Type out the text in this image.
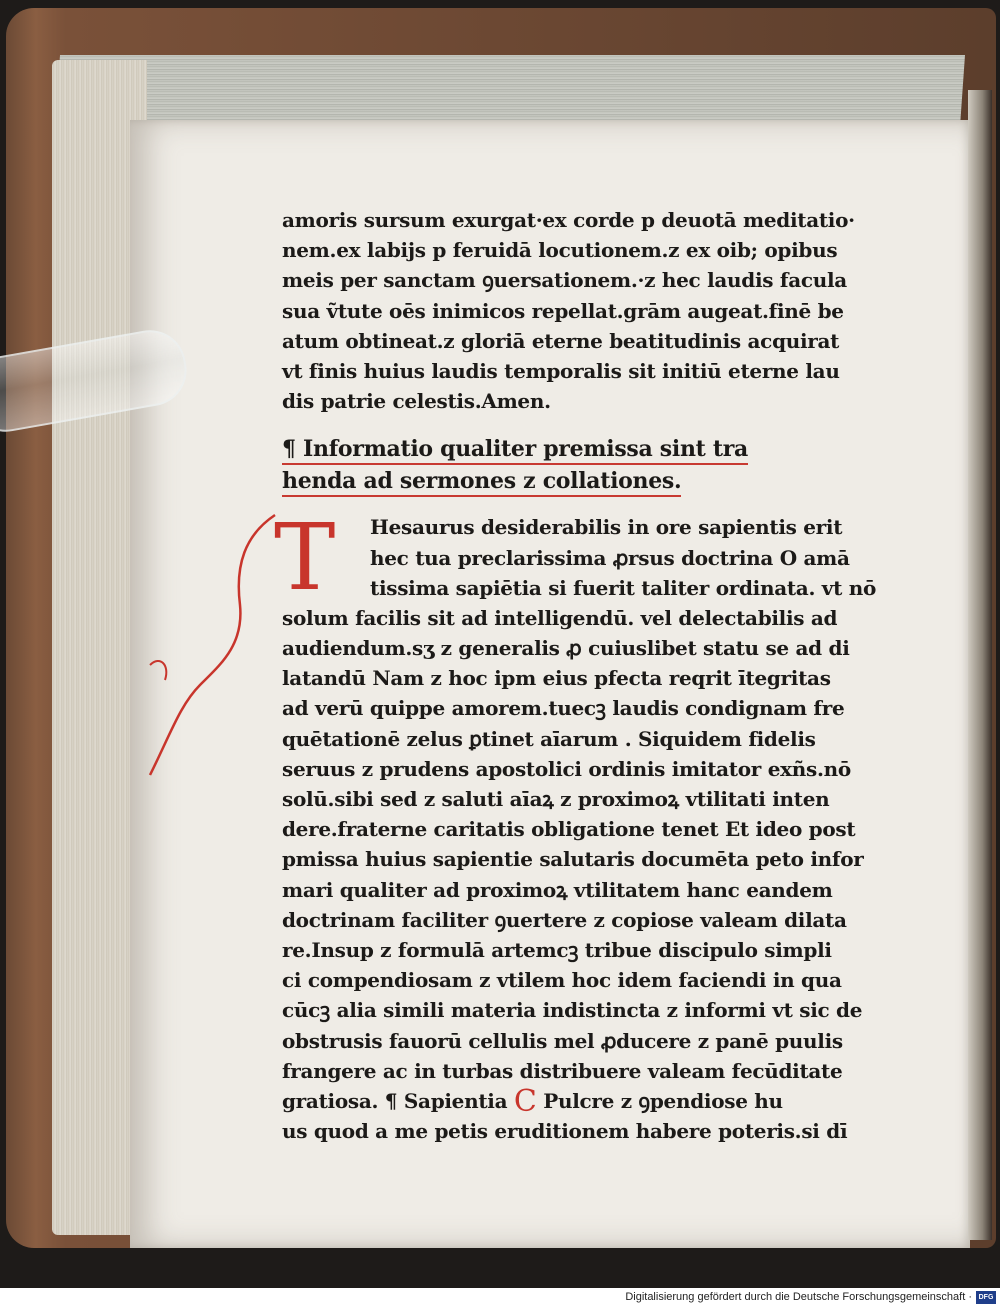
amoris sursum exurgat·ex corde p deuotā meditatio·
nem.ex labijs p feruidā locutionem.z ex oib; opibus
meis per sanctam ꝯuersationem.·z hec laudis facula
sua ṽtute oēs inimicos repellat.grām augeat.finē be
atum obtineat.z gloriā eterne beatitudinis acquirat
vt finis huius laudis temporalis sit initiū eterne lau
dis patrie celestis.Amen.
¶ Informatio qualiter premissa sint tra
henda ad sermones z collationes.
T	Hesaurus desiderabilis in ore sapientis erit
hec tua preclarissima ꝓrsus doctrina O amā
tissima sapiētia si fuerit taliter ordinata. vt nō
solum facilis sit ad intelligendū. vel delectabilis ad
audiendum.sʒ z generalis ꝓ cuiuslibet statu se ad di
latandū Nam z hoc ipm eius pfecta reqrit ītegritas
ad verū quippe amorem.tuecꝫ laudis condignam fre
quētationē zelus ꝑtinet aīarum . Siquidem fidelis
seruus z prudens apostolici ordinis imitator exñs.nō
solū.sibi sed z saluti aīaꝝ z proximoꝝ vtilitati inten
dere.fraterne caritatis obligatione tenet Et ideo post
pmissa huius sapientie salutaris documēta peto infor
mari qualiter ad proximoꝝ vtilitatem hanc eandem
doctrinam faciliter ꝯuertere z copiose valeam dilata
re.Insup z formulā artemcꝫ tribue discipulo simpli
ci compendiosam z vtilem hoc idem faciendi in qua
cūcꝫ alia simili materia indistincta z informi vt sic de
obstrusis fauorū cellulis mel ꝓducere z panē puulis
frangere ac in turbas distribuere valeam fecūditate
gratiosa. ¶ Sapientia C Pulcre z ꝯpendiose hu
us quod a me petis eruditionem habere poteris.si dī
Digitalisierung gefördert durch die Deutsche Forschungsgemeinschaft · DFG
